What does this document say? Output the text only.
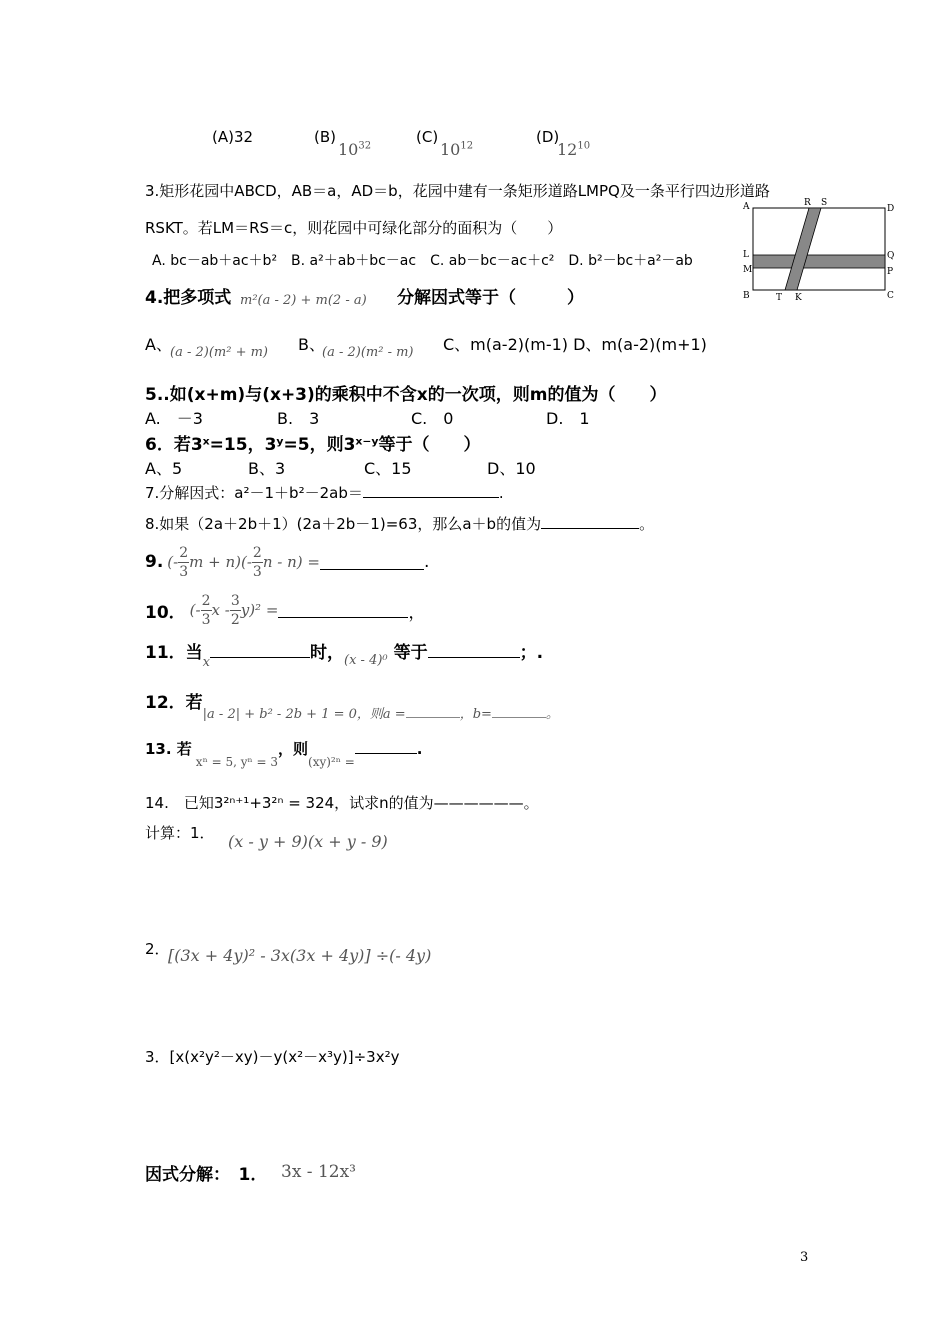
(A)32	(B)
$10^{32}$
(C)
$10^{12}$
(D)
$12^{10}$
3.矩形花园中ABCD，AB＝a，AD＝b，花园中建有一条矩形道路LMPQ及一条平行四边形道路
RSKT。若LM＝RS＝c，则花园中可绿化部分的面积为（　　）
A. bc－ab＋ac＋b²　B. a²＋ab＋bc－ac　C. ab－bc－ac＋c²　D. b²－bc＋a²－ab
A	R S
D
L	Q
M	P
B	T K	C
4.把多项式 m²(a - 2) + m(2 - a) 分解因式等于（　　　）
A、
(a - 2)(m² + m) B、
(a - 2)(m² - m) C、m(a-2)(m-1) D、m(a-2)(m+1)
5..如(x+m)与(x+3)的乘积中不含x的一次项，则m的值为（　　）
A.　－3	B.　3	C.　0	D.　1
6．若3ˣ=15，3ʸ=5，则3ˣ⁻ʸ等于（　　）
A、5	B、3	C、15	D、10
7.分解因式：a²－1＋b²－2ab＝	.
8.如果（2a＋2b＋1）(2a＋2b－1)=63，那么a＋b的值为	。
9. (- $\frac{2}{3}$ $m + n)(- \frac{2}{3}$ n - n) =	.
10． (- $\frac{2}{3}$ x - $\frac{3}{2} y)^2$ =	，
11．当$_x$	时，$_{(x - 4)^0}$ 等于	；.
12．若$_{|a - 2| + b^2 - 2b + 1 = 0,则a =}$	$_{,b=}$	$_。$
13. 若$_{x^n = 5, y^n = 3}$，则$_{(xy)^{2n} =}$.
14.　已知3²ⁿ⁺¹+3²ⁿ = 324，试求n的值为——————。
计算：1． (x - y + 9)(x + y - 9)
2．
[(3x + 4y)² - 3x(3x + 4y)] ÷(- 4y)
3．[x(x²y²－xy)－y(x²－x³y)]÷3x²y
因式分解：　1． 3x - 12x³
3
